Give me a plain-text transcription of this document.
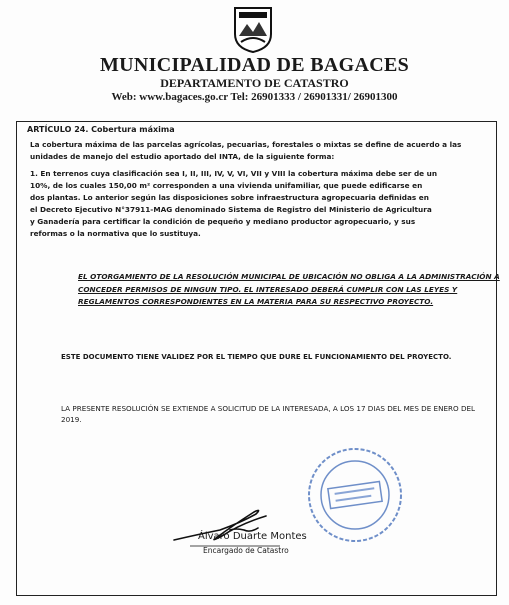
MUNICIPALIDAD DE BAGACES
DEPARTAMENTO DE CATASTRO
Web: www.bagaces.go.cr Tel: 26901333 / 26901331/ 26901300
ARTÍCULO 24. Cobertura máxima
La cobertura máxima de las parcelas agrícolas, pecuarias, forestales o mixtas se define de acuerdo a las
unidades de manejo del estudio aportado del INTA, de la siguiente forma:
1. En terrenos cuya clasificación sea I, II, III, IV, V, VI, VII y VIII la cobertura máxima debe ser de un
10%, de los cuales 150,00 m² corresponden a una vivienda unifamiliar, que puede edificarse en
dos plantas. Lo anterior según las disposiciones sobre infraestructura agropecuaria definidas en
el Decreto Ejecutivo N°37911-MAG denominado Sistema de Registro del Ministerio de Agricultura
y Ganadería para certificar la condición de pequeño y mediano productor agropecuario, y sus
reformas o la normativa que lo sustituya.
EL OTORGAMIENTO DE LA RESOLUCIÓN MUNICIPAL DE UBICACIÓN NO OBLIGA A LA ADMINISTRACIÓN A
CONCEDER PERMISOS DE NINGUN TIPO. EL INTERESADO DEBERÁ CUMPLIR CON LAS LEYES Y
REGLAMENTOS CORRESPONDIENTES EN LA MATERIA PARA SU RESPECTIVO PROYECTO.
ESTE DOCUMENTO TIENE VALIDEZ POR EL TIEMPO QUE DURE EL FUNCIONAMIENTO DEL PROYECTO.
LA PRESENTE RESOLUCIÓN SE EXTIENDE A SOLICITUD DE LA INTERESADA, A LOS 17 DIAS DEL MES DE ENERO DEL
2019.
Álvaro Duarte Montes
Encargado de Catastro
